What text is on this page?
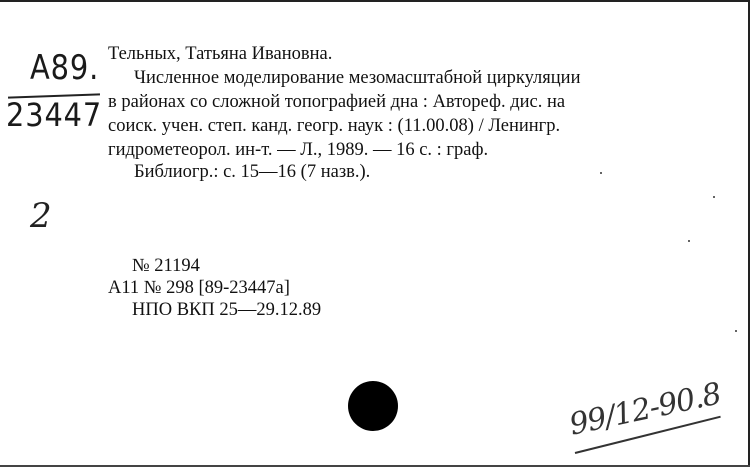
А89.
23447
Тельных, Татьяна Ивановна.
Численное моделирование мезомасштабной циркуляции
в районах со сложной топографией дна : Автореф. дис. на
соиск. учен. степ. канд. геогр. наук : (11.00.08) / Ленингр.
гидрометеорол. ин-т. — Л., 1989. — 16 с. : граф.
Библиогр.: с. 15—16 (7 назв.).
2
№ 21194
А11 № 298 [89-23447а]
НПО ВКП 25—29.12.89
99/12-90.8
